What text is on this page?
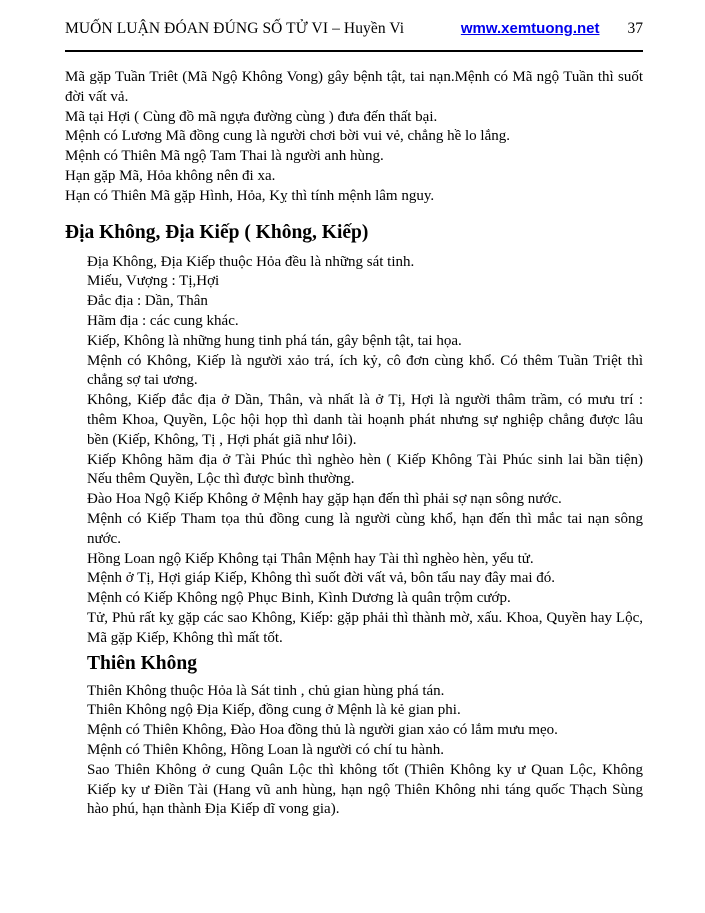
MUỐN LUẬN ĐÓAN ĐÚNG SỐ TỬ VI – Huyền Vi	wmw.xemtuong.net 37

Mã gặp Tuần Triêt (Mã Ngộ Không Vong) gây bệnh tật, tai nạn.Mệnh có Mã ngộ Tuần thì suốt đời vất vả.

Mã tại Hợi ( Cùng đồ mã ngựa đường cùng ) đưa đến thất bại.

Mệnh có Lương Mã đồng cung là người chơi bời vui vẻ, chẳng hề lo lắng.

Mệnh có Thiên Mã ngộ Tam Thai là người anh hùng.

Hạn gặp Mã, Hỏa không nên đi xa.

Hạn có Thiên Mã gặp Hình, Hỏa, Kỵ thì tính mệnh lâm nguy.

Địa Không, Địa Kiếp ( Không, Kiếp)

Địa Không, Địa Kiếp thuộc Hỏa đều là những sát tinh.

Miếu, Vượng : Tị,Hợi

Đắc địa : Dần, Thân

Hãm địa : các cung khác.

Kiếp, Không là những hung tinh phá tán, gây bệnh tật, tai họa.

Mệnh có Không, Kiếp là người xảo trá, ích kỷ, cô đơn cùng khổ. Có thêm Tuần Triệt thì chẳng sợ tai ương.

Không, Kiếp đắc địa ở Dần, Thân, và nhất là ở Tị, Hợi là người thâm trầm, có mưu trí : thêm Khoa, Quyền, Lộc hội họp thì danh tài hoạnh phát nhưng sự nghiệp chẳng được lâu bền (Kiếp, Không, Tị , Hợi phát giã như lôi).

Kiếp Không hãm địa ở Tài Phúc thì nghèo hèn ( Kiếp Không Tài Phúc sinh lai bần tiện) Nếu thêm Quyền, Lộc thì được bình thường.

Đào Hoa Ngộ Kiếp Không ở Mệnh hay gặp hạn đến thì phải sợ nạn sông nước.

Mệnh có Kiếp Tham tọa thủ đồng cung là người cùng khổ, hạn đến thì mắc tai nạn sông nước.

Hồng Loan ngộ Kiếp Không tại Thân Mệnh hay Tài thì nghèo hèn, yểu tử.

Mệnh ở Tị, Hợi giáp Kiếp, Không thì suốt đời vất vả, bôn tẩu nay đây mai đó.

Mệnh có Kiếp Không ngộ Phục Binh, Kình Dương là quân trộm cướp.

Tử, Phủ rất kỵ gặp các sao Không, Kiếp: gặp phải thì thành mờ, xấu. Khoa, Quyền hay Lộc, Mã gặp Kiếp, Không thì mất tốt.

Thiên Không

Thiên Không thuộc Hỏa là Sát tinh , chủ gian hùng phá tán.

Thiên Không ngộ Địa Kiếp, đồng cung ở Mệnh là kẻ gian phi.

Mệnh có Thiên Không, Đào Hoa đồng thủ là người gian xảo có lắm mưu mẹo.

Mệnh có Thiên Không, Hồng Loan là người có chí tu hành.

Sao Thiên Không ở cung Quân Lộc thì không tốt (Thiên Không ky ư Quan Lộc, Không Kiếp ky ư Điền Tài (Hang vũ anh hùng, hạn ngộ Thiên Không nhi táng quốc Thạch Sùng hào phú, hạn thành Địa Kiếp dĩ vong gia).
